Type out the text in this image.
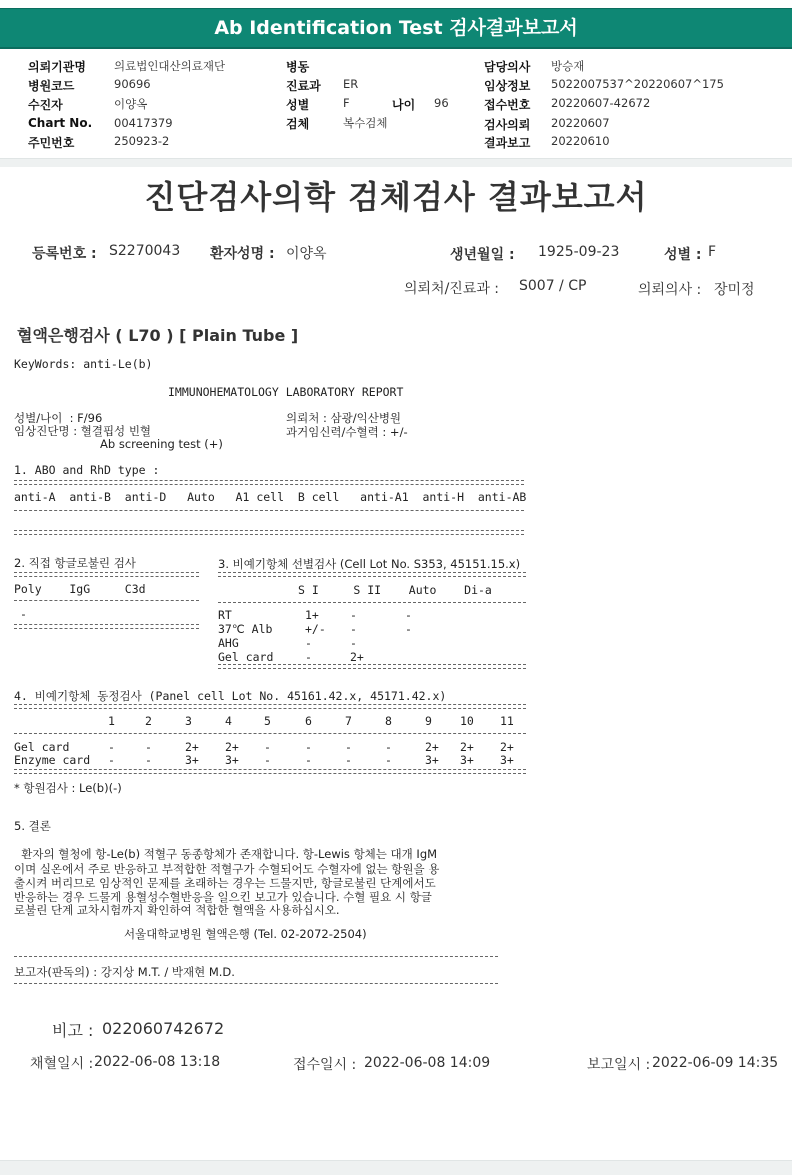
Ab Identification Test 검사결과보고서
의뢰기관명 의료법인대산의료재단
병원코드	90696
수진자	이양옥
Chart No. 00417379
주민번호	250923-2
병동
진료과 ER
성별	F	나이 96
검체	복수검체
담당의사 방승재
임상정보 5022007537^20220607^175
접수번호 20220607-42672
검사의뢰 20220607
결과보고 20220610
진단검사의학 검체검사 결과보고서
등록번호 : S2270043 환자성명 : 이양옥	생년월일 : 1925-09-23	성별 : F
의뢰처/진료과 : S007 / CP	의뢰의사 : 장미정
혈액은행검사 ( L70 ) [ Plain Tube ]
KeyWords: anti-Le(b)
IMMUNOHEMATOLOGY LABORATORY REPORT
성별/나이  : F/96	의뢰처 : 삼광/익산병원
임상진단명 : 혈결핍성 빈혈	과거임신력/수혈력 : +/-
Ab screening test (+)
1. ABO and RhD type :
anti-A  anti-B  anti-D   Auto   A1 cell  B cell   anti-A1  anti-H  anti-AB
2. 직접 항글로불린 검사
Poly    IgG     C3d
-
3. 비예기항체 선별검사 (Cell Lot No. S353, 45151.15.x)
S I     S II    Auto    Di-a
RT	1+	-	-
37℃ Alb	+/- -	-
AHG	-	-
Gel card	-	2+
4. 비예기항체 동정검사 (Panel cell Lot No. 45161.42.x, 45171.42.x)
1	2	3	4	5	6	7	8	9 10 11
Gel card	-	-	2+ 2+ -	-	-	-	2+ 2+ 2+
Enzyme card -	-	3+ 3+ -	-	-	-	3+ 3+ 3+
* 항원검사 : Le(b)(-)
5. 결론
환자의 혈청에 항-Le(b) 적혈구 동종항체가 존재합니다. 항-Lewis 항체는 대개 IgM
이며 실온에서 주로 반응하고 부적합한 적혈구가 수혈되어도 수혈자에 없는 항원을 용
출시켜 버리므로 임상적인 문제를 초래하는 경우는 드물지만, 항글로불린 단계에서도
반응하는 경우 드물게 용혈성수혈반응을 일으킨 보고가 있습니다. 수혈 필요 시 항글
로불린 단계 교차시험까지 확인하여 적합한 혈액을 사용하십시오.
서울대학교병원 혈액은행 (Tel. 02-2072-2504)
보고자(판독의) : 강지상 M.T. / 박재현 M.D.
비고 : 022060742672
채혈일시 : 2022-06-08 13:18	접수일시 : 2022-06-08 14:09	보고일시 : 2022-06-09 14:35
